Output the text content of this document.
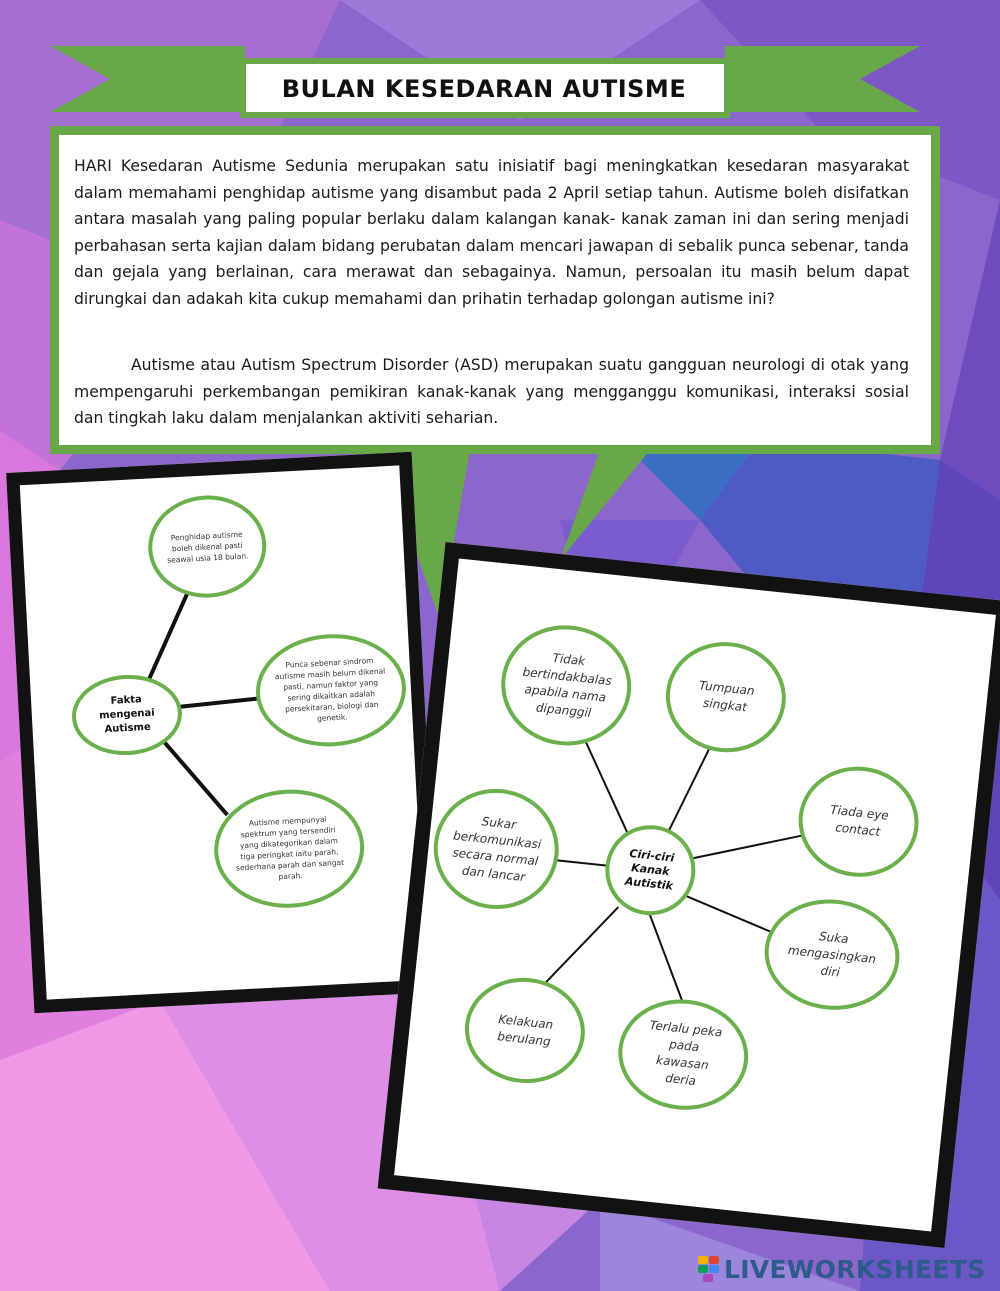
BULAN KESEDARAN AUTISME

HARI Kesedaran Autisme Sedunia merupakan satu inisiatif bagi meningkatkan kesedaran masyarakat dalam memahami penghidap autisme yang disambut pada 2 April setiap tahun. Autisme boleh disifatkan antara masalah yang paling popular berlaku dalam kalangan kanak- kanak zaman ini dan sering menjadi perbahasan serta kajian dalam bidang perubatan dalam mencari jawapan di sebalik punca sebenar, tanda dan gejala yang berlainan, cara merawat dan sebagainya. Namun, persoalan itu masih belum dapat dirungkai dan adakah kita cukup memahami dan prihatin terhadap golongan autisme ini?

Autisme atau Autism Spectrum Disorder (ASD) merupakan suatu gangguan neurologi di otak yang mempengaruhi perkembangan pemikiran kanak-kanak yang mengganggu komunikasi, interaksi sosial dan tingkah laku dalam menjalankan aktiviti seharian.

Penghidap autisme boleh dikenal pasti seawal usia 18 bulan.
Punca sebenar sindrom autisme masih belum dikenal pasti, namun faktor yang sering dikaitkan adalah persekitaran, biologi dan genetik.
Fakta mengenai Autisme
Autisme mempunyai spektrum yang tersendiri yang dikategorikan dalam tiga peringkat iaitu parah, sederhana parah dan sangat parah.
Tidak bertindakbalas apabila nama dipanggil
Tumpuan singkat
Tiada eye contact
Suka mengasingkan diri
Terlalu peka pada kawasan deria
Kelakuan berulang
Sukar berkomunikasi secara normal dan lancar
Ciri-ciri Kanak Autistik
LIVEWORKSHEETS
